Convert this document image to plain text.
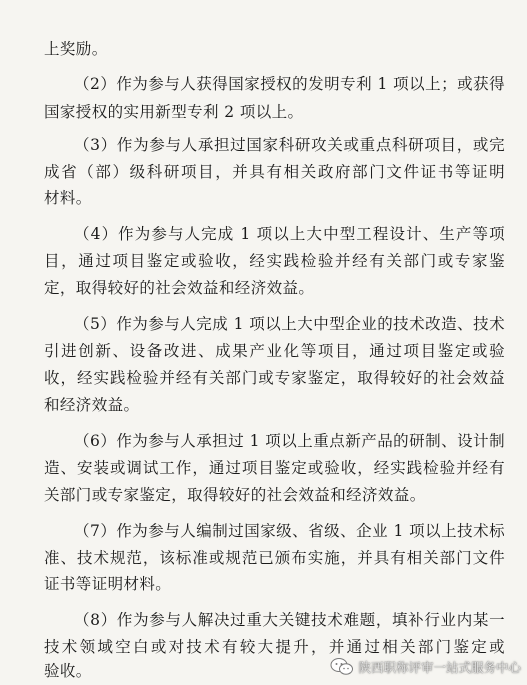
上奖励。
（2）作为参与人获得国家授权的发明专利 1 项以上；或获得
国家授权的实用新型专利 2 项以上。
（3）作为参与人承担过国家科研攻关或重点科研项目，或完
成省（部）级科研项目，并具有相关政府部门文件证书等证明
材料。
（4）作为参与人完成 1 项以上大中型工程设计、生产等项
目，通过项目鉴定或验收，经实践检验并经有关部门或专家鉴
定，取得较好的社会效益和经济效益。
（5）作为参与人完成 1 项以上大中型企业的技术改造、技术
引进创新、设备改进、成果产业化等项目，通过项目鉴定或验
收，经实践检验并经有关部门或专家鉴定，取得较好的社会效益
和经济效益。
（6）作为参与人承担过 1 项以上重点新产品的研制、设计制
造、安装或调试工作，通过项目鉴定或验收，经实践检验并经有
关部门或专家鉴定，取得较好的社会效益和经济效益。
（7）作为参与人编制过国家级、省级、企业 1 项以上技术标
准、技术规范，该标准或规范已颁布实施，并具有相关部门文件
证书等证明材料。
（8）作为参与人解决过重大关键技术难题，填补行业内某一
技术领域空白或对技术有较大提升，并通过相关部门鉴定或
验收。	陕西职称评审一站式服务中心
